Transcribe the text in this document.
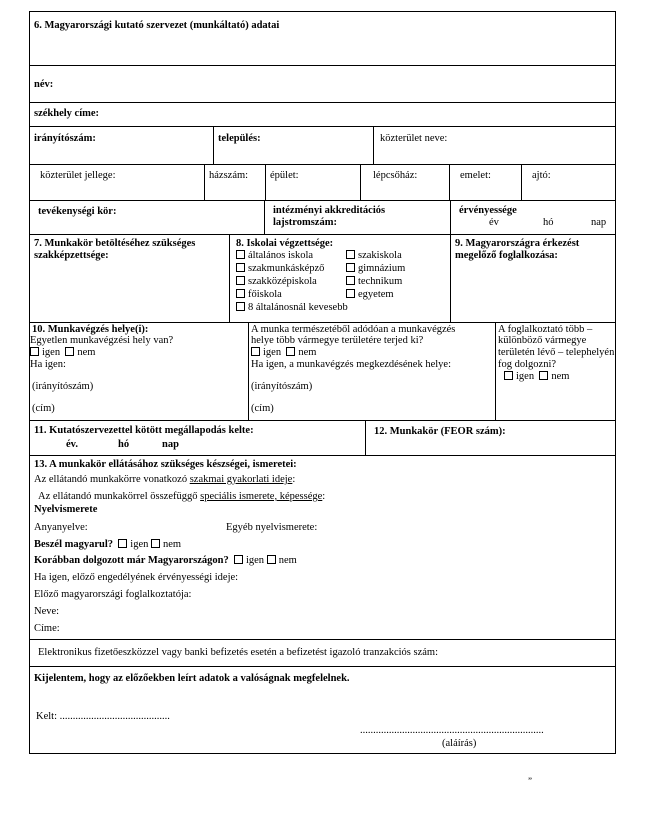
6. Magyarországi kutató szervezet (munkáltató) adatai
név:
székhely címe:
irányítószám:	település:	közterület neve:
közterület jellege:	házszám: épület:	lépcsőház:	emelet:	ajtó:
tevékenységi kör:	intézményi akkreditációs
lajstromszám:
érvényessége
év	hó	nap
7. Munkakör betöltéséhez szükséges
szakképzettsége:
8. Iskolai végzettsége:
általános iskola	szakiskola
szakmunkásképző	gimnázium
szakközépiskola	technikum
főiskola	egyetem
8 általánosnál kevesebb
9. Magyarországra érkezést
megelőző foglalkozása:
10. Munkavégzés helye(i):
Egyetlen munkavégzési hely van?
igen nem
Ha igen:
(irányítószám)
(cím)
A munka természetéből adódóan a munkavégzés
helye több vármegye területére terjed ki?
igen nem
Ha igen, a munkavégzés megkezdésének helye:
(irányítószám)
(cím)
A foglalkoztató több –
különböző vármegye
területén lévő – telephelyén
fog dolgozni?
igen nem
11. Kutatószervezettel kötött megállapodás kelte:
év.	hó	nap
12. Munkakör (FEOR szám):
13. A munkakör ellátásához szükséges készségei, ismeretei:
Az ellátandó munkakörre vonatkozó szakmai gyakorlati ideje:
Az ellátandó munkakörrel összefüggő speciális ismerete, képessége:
Nyelvismerete
Anyanyelve:	Egyéb nyelvismerete:
Beszél magyarul? igen nem
Korábban dolgozott már Magyarországon? igen nem
Ha igen, előző engedélyének érvényességi ideje:
Előző magyarországi foglalkoztatója:
Neve:
Címe:
Elektronikus fizetőeszközzel vagy banki befizetés esetén a befizetést igazoló tranzakciós szám:
Kijelentem, hogy az előzőekben leírt adatok a valóságnak megfelelnek.
Kelt: ..........................................
......................................................................
(aláírás)
”
